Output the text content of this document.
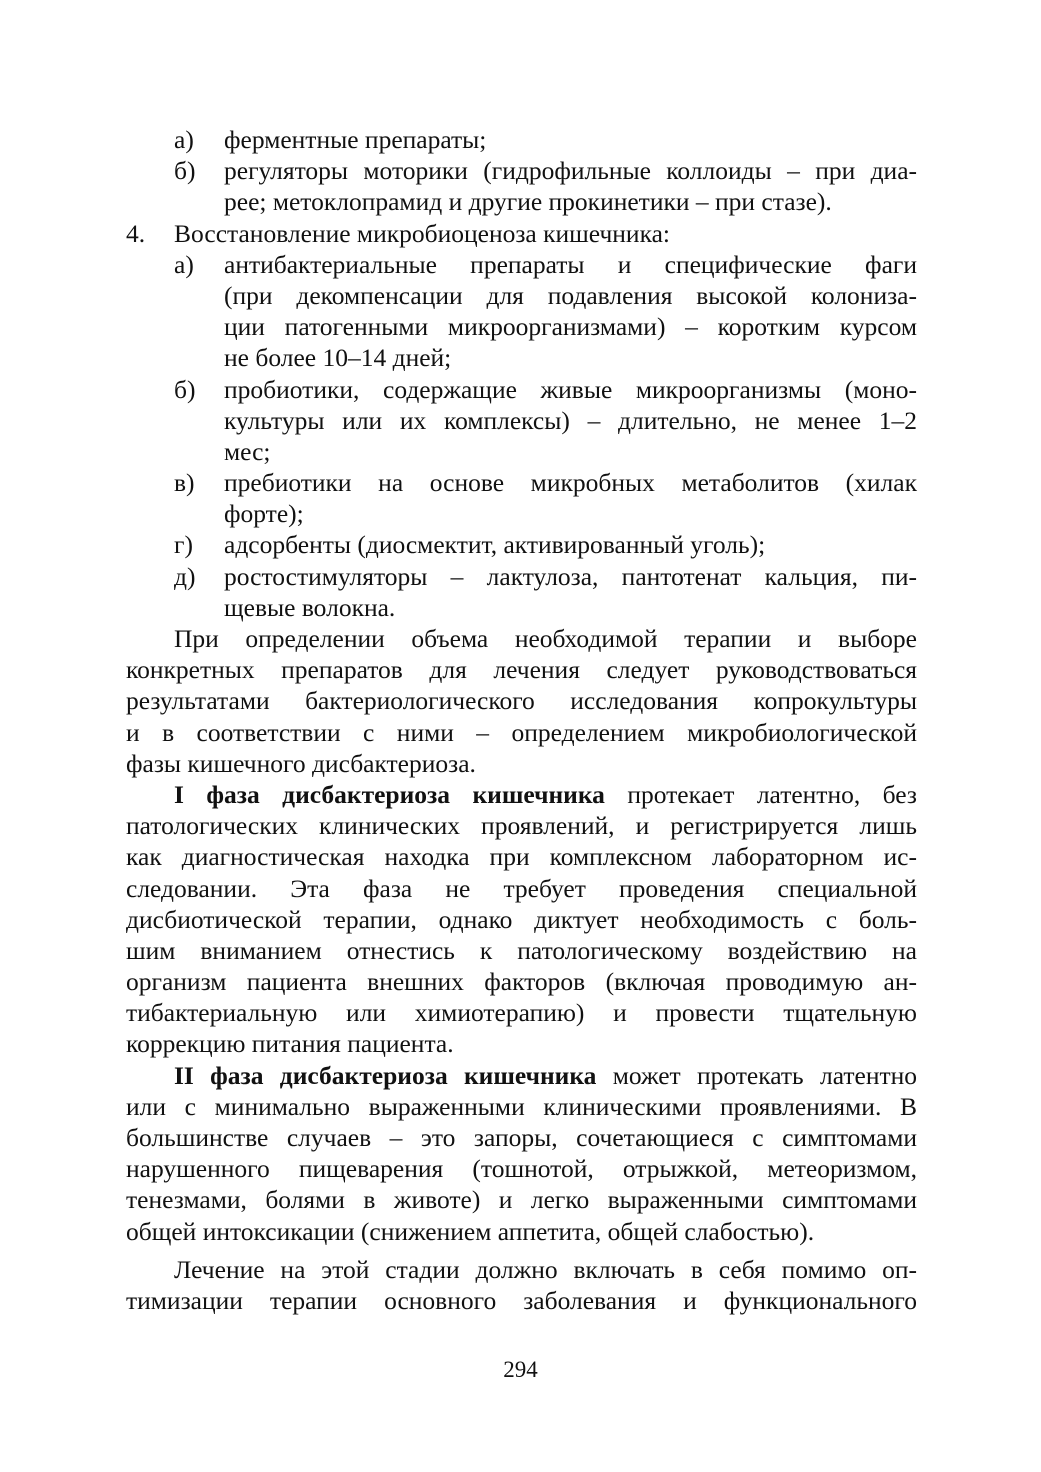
а) ферментные препараты;
б) регуляторы моторики (гидрофильные коллоиды – при диа-
рее; метоклопрамид и другие прокинетики – при стазе).
4. Восстановление микробиоценоза кишечника:
а) антибактериальные препараты и специфические фаги
(при декомпенсации для подавления высокой колониза-
ции патогенными микроорганизмами) – коротким курсом
не более 10–14 дней;
б) пробиотики, содержащие живые микроорганизмы (моно-
культуры или их комплексы) – длительно, не менее 1–2
мес;
в) пребиотики на основе микробных метаболитов (хилак
форте);
г) адсорбенты (диосмектит, активированный уголь);
д) ростостимуляторы – лактулоза, пантотенат кальция, пи-
щевые волокна.
При определении объема необходимой терапии и выборе
конкретных препаратов для лечения следует руководствоваться
результатами бактериологического исследования копрокультуры
и в соответствии с ними – определением микробиологической
фазы кишечного дисбактериоза.
I фаза дисбактериоза кишечника протекает латентно, без
патологических клинических проявлений, и регистрируется лишь
как диагностическая находка при комплексном лабораторном ис-
следовании. Эта фаза не требует проведения специальной
дисбиотической терапии, однако диктует необходимость с боль-
шим вниманием отнестись к патологическому воздействию на
организм пациента внешних факторов (включая проводимую ан-
тибактериальную или химиотерапию) и провести тщательную
коррекцию питания пациента.
II фаза дисбактериоза кишечника может протекать латентно
или с минимально выраженными клиническими проявлениями. В
большинстве случаев – это запоры, сочетающиеся с симптомами
нарушенного пищеварения (тошнотой, отрыжкой, метеоризмом,
тенезмами, болями в животе) и легко выраженными симптомами
общей интоксикации (снижением аппетита, общей слабостью).
Лечение на этой стадии должно включать в себя помимо оп-
тимизации терапии основного заболевания и функционального
294
